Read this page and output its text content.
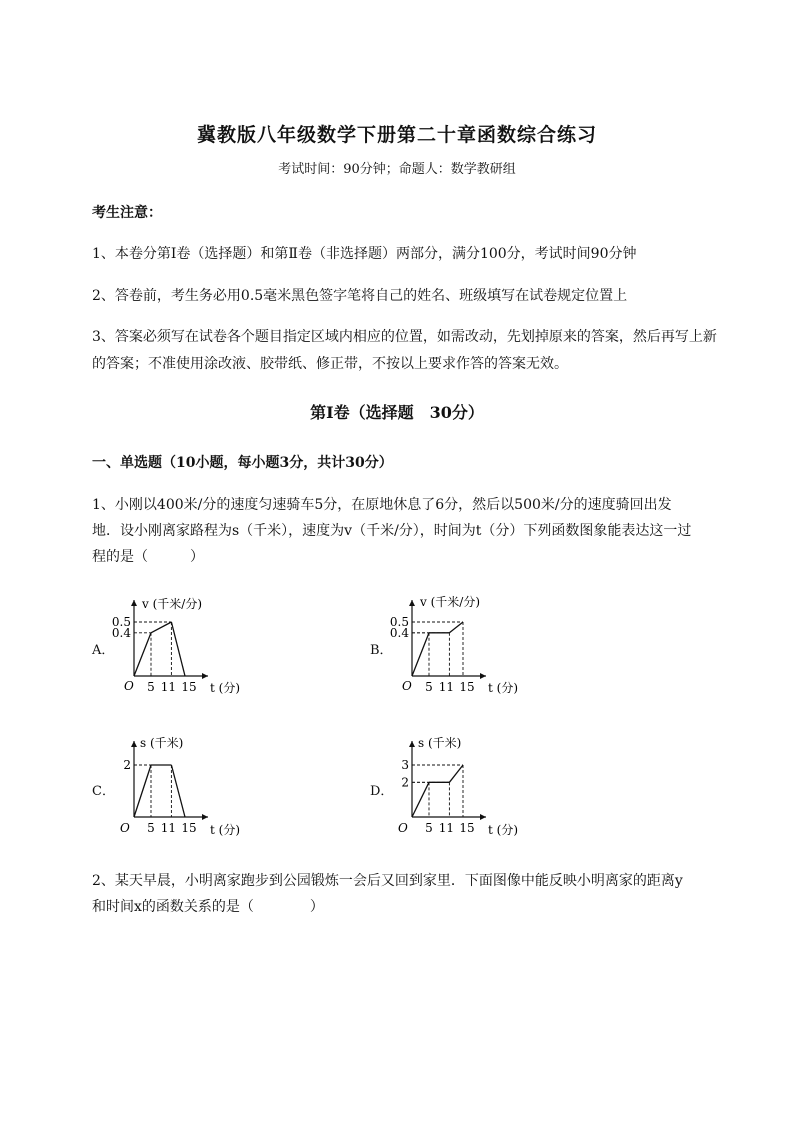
冀教版八年级数学下册第二十章函数综合练习
考试时间：90分钟；命题人：数学教研组
考生注意：
1、本卷分第I卷（选择题）和第Ⅱ卷（非选择题）两部分，满分100分，考试时间90分钟
2、答卷前，考生务必用0.5毫米黑色签字笔将自己的姓名、班级填写在试卷规定位置上
3、答案必须写在试卷各个题目指定区域内相应的位置，如需改动，先划掉原来的答案，然后再写上新
的答案；不准使用涂改液、胶带纸、修正带，不按以上要求作答的答案无效。
第I卷（选择题　30分）
一、单选题（10小题，每小题3分，共计30分）
1、小刚以400米/分的速度匀速骑车5分，在原地休息了6分，然后以500米/分的速度骑回出发
地．设小刚离家路程为s（千米），速度为v（千米/分），时间为t（分）下列函数图象能表达这一过
程的是（　　　）
A．
v (千米/分)
t (分)
O
0.5
0.4
5 11 15
B．
v (千米/分)
t (分)
O
0.5
0.4
5 11 15
C．
s (千米)
t (分)
O
2
5 11 15
D．
s (千米)
t (分)
O
3
2
5 11 15
2、某天早晨，小明离家跑步到公园锻炼一会后又回到家里．下面图像中能反映小明离家的距离y
和时间x的函数关系的是（　　　　）
